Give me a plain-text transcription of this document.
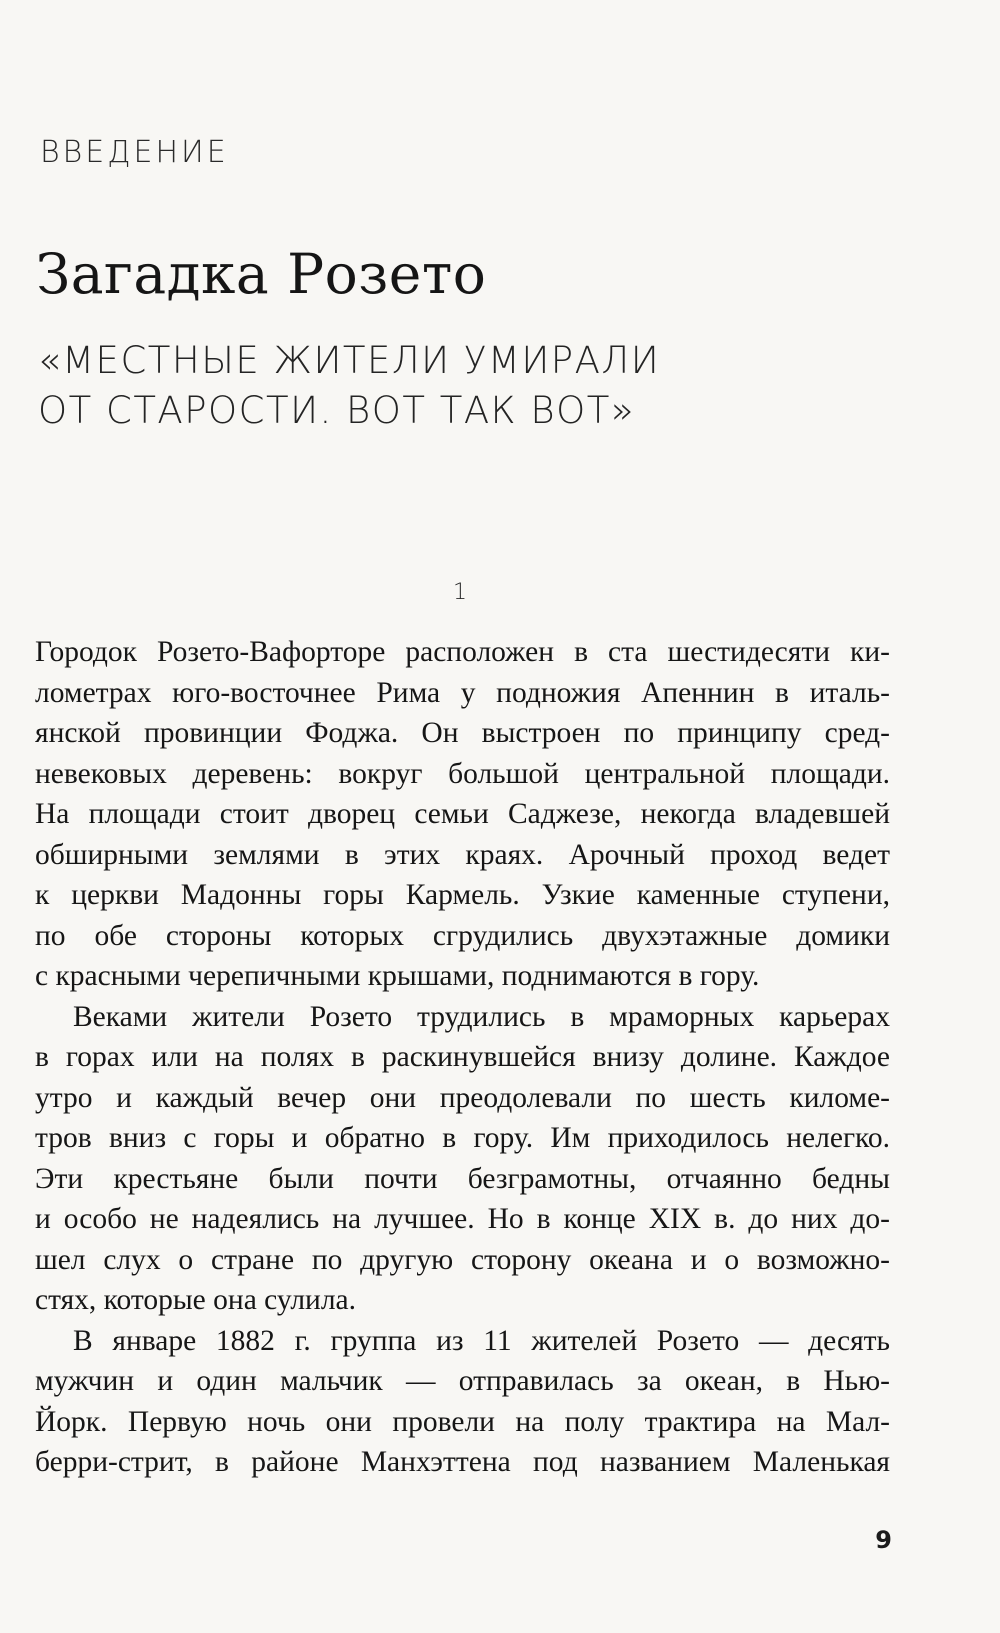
ВВЕДЕНИЕ
Загадка Розето
«МЕСТНЫЕ ЖИТЕЛИ УМИРАЛИ
ОТ СТАРОСТИ. ВОТ ТАК ВОТ»
1
Городок Розето-Вафорторе расположен в ста шестидесяти ки-
лометрах юго-восточнее Рима у подножия Апеннин в италь-
янской провинции Фоджа. Он выстроен по принципу сред-
невековых деревень: вокруг большой центральной площади.
На площади стоит дворец семьи Саджезе, некогда владевшей
обширными землями в этих краях. Арочный проход ведет
к церкви Мадонны горы Кармель. Узкие каменные ступени,
по обе стороны которых сгрудились двухэтажные домики
с красными черепичными крышами, поднимаются в гору.
Веками жители Розето трудились в мраморных карьерах
в горах или на полях в раскинувшейся внизу долине. Каждое
утро и каждый вечер они преодолевали по шесть киломе-
тров вниз с горы и обратно в гору. Им приходилось нелегко.
Эти крестьяне были почти безграмотны, отчаянно бедны
и особо не надеялись на лучшее. Но в конце XIX в. до них до-
шел слух о стране по другую сторону океана и о возможно-
стях, которые она сулила.
В январе 1882 г. группа из 11 жителей Розето — десять
мужчин и один мальчик — отправилась за океан, в Нью-
Йорк. Первую ночь они провели на полу трактира на Мал-
берри-стрит, в районе Манхэттена под названием Маленькая
9
